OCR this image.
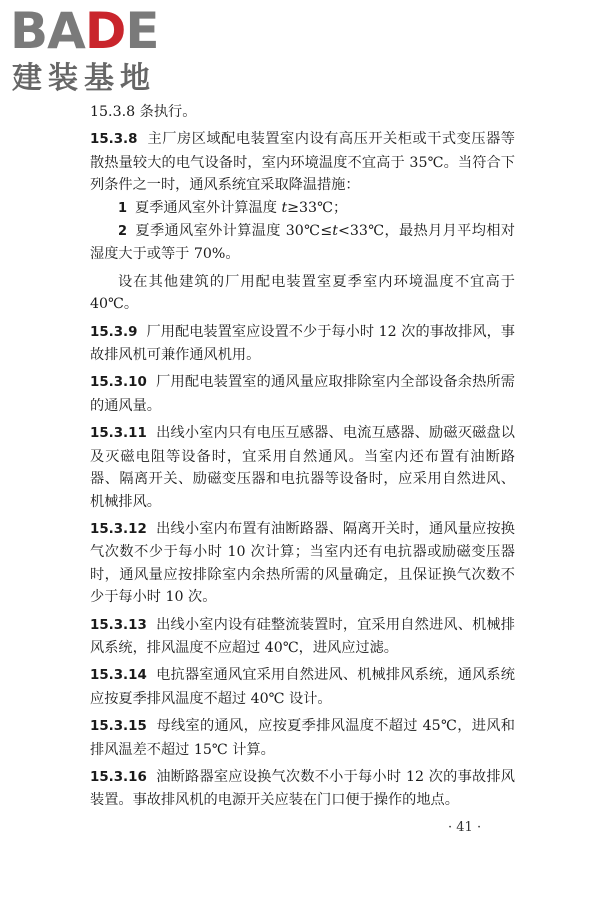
BADE
建装基地

15.3.8 条执行。

15.3.8 主厂房区域配电装置室内设有高压开关柜或干式变压器等散热量较大的电气设备时，室内环境温度不宜高于 35℃。当符合下列条件之一时，通风系统宜采取降温措施：

1 夏季通风室外计算温度 t≥33℃；

2 夏季通风室外计算温度 30℃≤t<33℃，最热月月平均相对湿度大于或等于 70%。

设在其他建筑的厂用配电装置室夏季室内环境温度不宜高于 40℃。

15.3.9 厂用配电装置室应设置不少于每小时 12 次的事故排风，事故排风机可兼作通风机用。

15.3.10 厂用配电装置室的通风量应取排除室内全部设备余热所需的通风量。

15.3.11 出线小室内只有电压互感器、电流互感器、励磁灭磁盘以及灭磁电阻等设备时，宜采用自然通风。当室内还布置有油断路器、隔离开关、励磁变压器和电抗器等设备时，应采用自然进风、机械排风。

15.3.12 出线小室内布置有油断路器、隔离开关时，通风量应按换气次数不少于每小时 10 次计算；当室内还有电抗器或励磁变压器时，通风量应按排除室内余热所需的风量确定，且保证换气次数不少于每小时 10 次。

15.3.13 出线小室内设有硅整流装置时，宜采用自然进风、机械排风系统，排风温度不应超过 40℃，进风应过滤。

15.3.14 电抗器室通风宜采用自然进风、机械排风系统，通风系统应按夏季排风温度不超过 40℃ 设计。

15.3.15 母线室的通风，应按夏季排风温度不超过 45℃，进风和排风温差不超过 15℃ 计算。

15.3.16 油断路器室应设换气次数不小于每小时 12 次的事故排风装置。事故排风机的电源开关应装在门口便于操作的地点。

· 41 ·
